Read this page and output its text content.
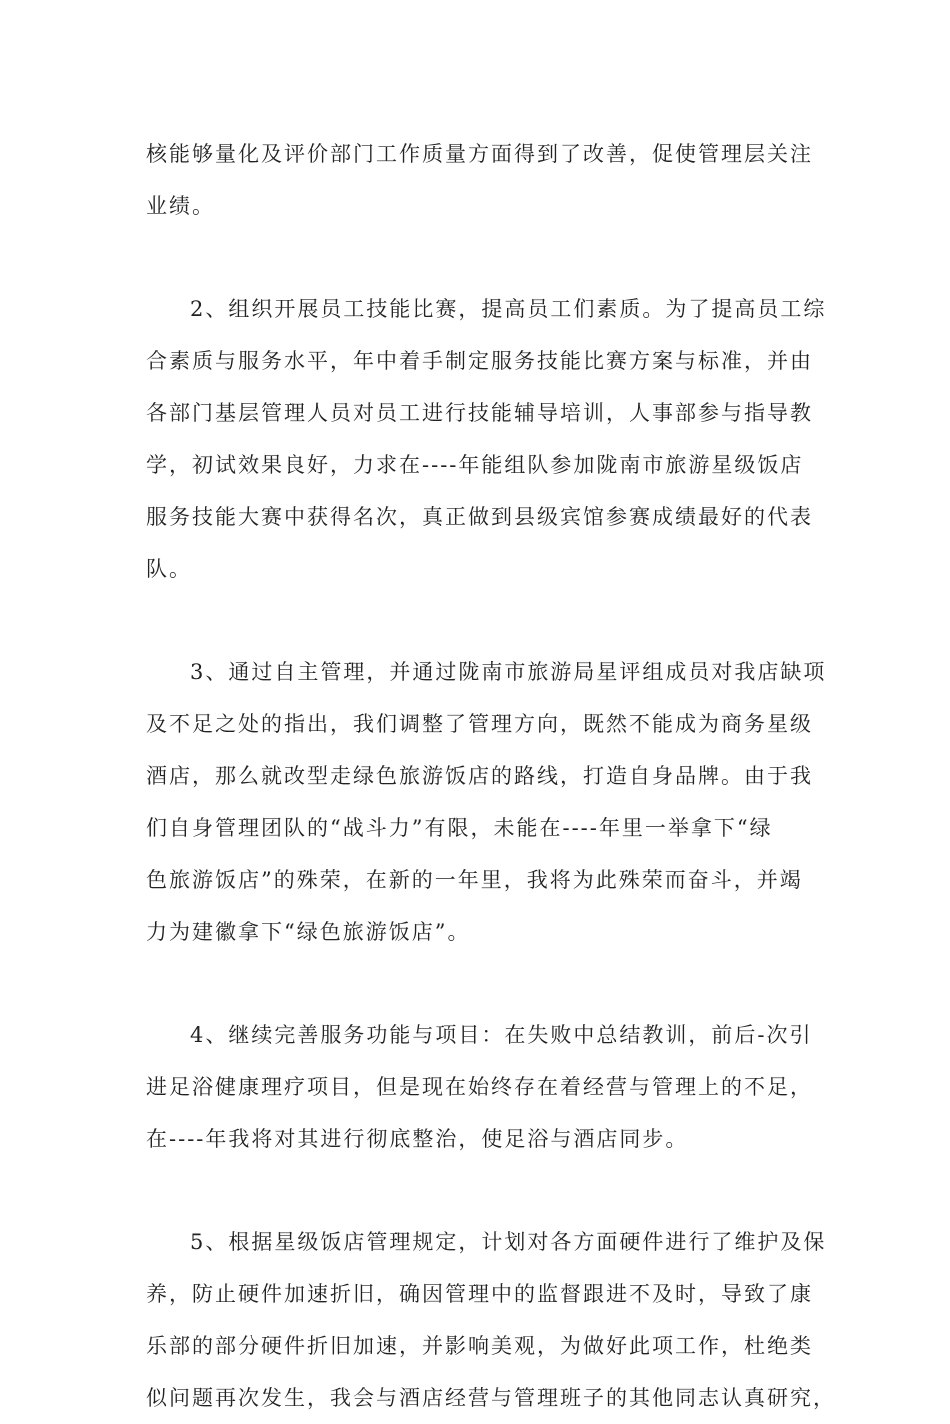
核能够量化及评价部门工作质量方面得到了改善，促使管理层关注
业绩。
2、组织开展员工技能比赛，提高员工们素质。为了提高员工综
合素质与服务水平，年中着手制定服务技能比赛方案与标准，并由
各部门基层管理人员对员工进行技能辅导培训，人事部参与指导教
学，初试效果良好，力求在----年能组队参加陇南市旅游星级饭店
服务技能大赛中获得名次，真正做到县级宾馆参赛成绩最好的代表
队。
3、通过自主管理，并通过陇南市旅游局星评组成员对我店缺项
及不足之处的指出，我们调整了管理方向，既然不能成为商务星级
酒店，那么就改型走绿色旅游饭店的路线，打造自身品牌。由于我
们自身管理团队的“战斗力”有限，未能在----年里一举拿下“绿
色旅游饭店”的殊荣，在新的一年里，我将为此殊荣而奋斗，并竭
力为建徽拿下“绿色旅游饭店”。
4、继续完善服务功能与项目：在失败中总结教训，前后-次引
进足浴健康理疗项目，但是现在始终存在着经营与管理上的不足，
在----年我将对其进行彻底整治，使足浴与酒店同步。
5、根据星级饭店管理规定，计划对各方面硬件进行了维护及保
养，防止硬件加速折旧，确因管理中的监督跟进不及时，导致了康
乐部的部分硬件折旧加速，并影响美观，为做好此项工作，杜绝类
似问题再次发生，我会与酒店经营与管理班子的其他同志认真研究，
